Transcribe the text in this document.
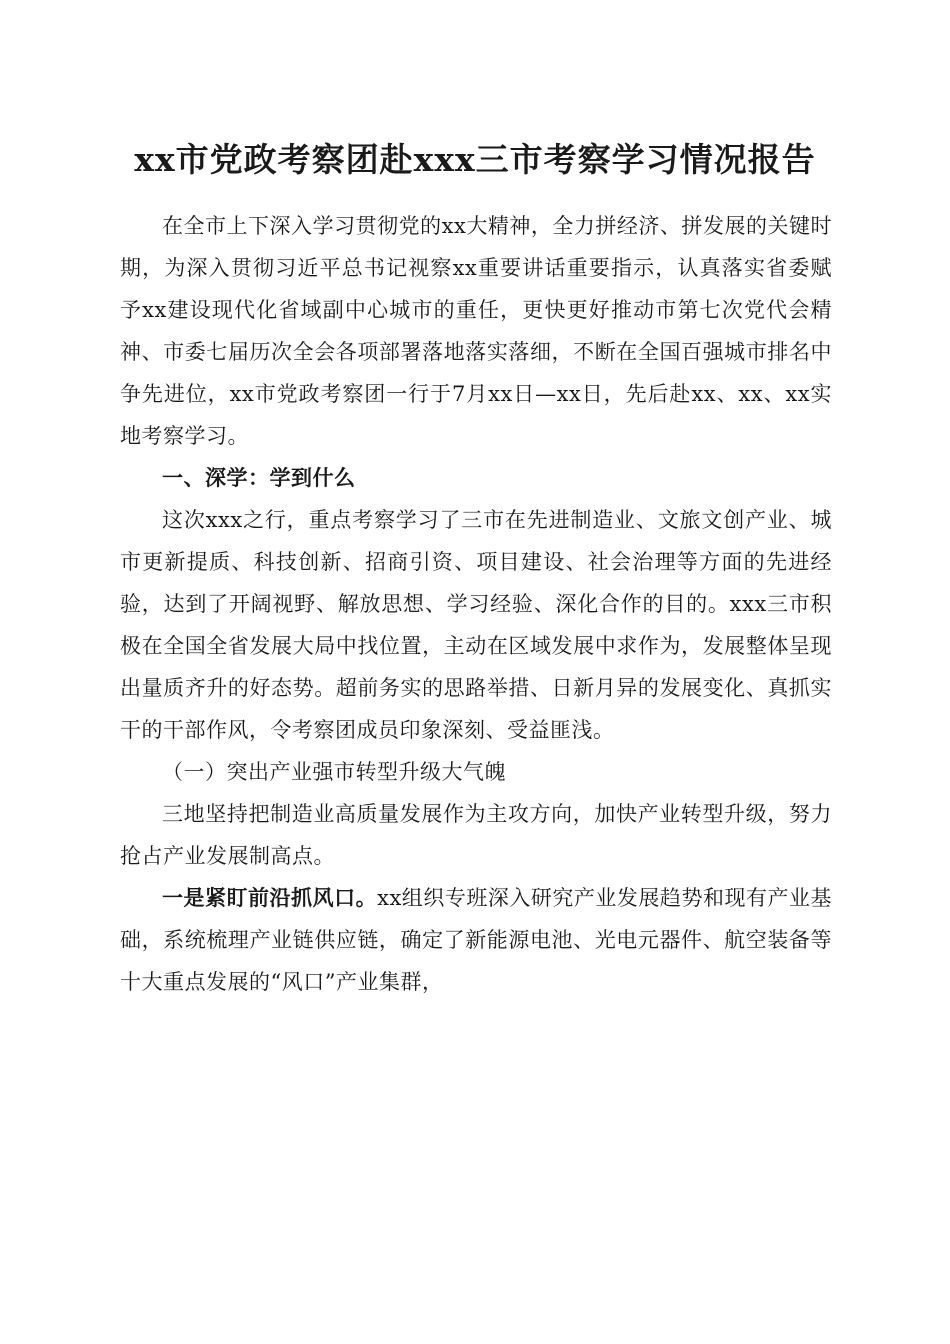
xx市党政考察团赴xxx三市考察学习情况报告

在全市上下深入学习贯彻党的xx大精神，全力拼经济、拼发展的关键时期，为深入贯彻习近平总书记视察xx重要讲话重要指示，认真落实省委赋予xx建设现代化省域副中心城市的重任，更快更好推动市第七次党代会精神、市委七届历次全会各项部署落地落实落细，不断在全国百强城市排名中争先进位，xx市党政考察团一行于7月xx日—xx日，先后赴xx、xx、xx实地考察学习。

一、深学：学到什么

这次xxx之行，重点考察学习了三市在先进制造业、文旅文创产业、城市更新提质、科技创新、招商引资、项目建设、社会治理等方面的先进经验，达到了开阔视野、解放思想、学习经验、深化合作的目的。xxx三市积极在全国全省发展大局中找位置，主动在区域发展中求作为，发展整体呈现出量质齐升的好态势。超前务实的思路举措、日新月异的发展变化、真抓实干的干部作风，令考察团成员印象深刻、受益匪浅。

（一）突出产业强市转型升级大气魄

三地坚持把制造业高质量发展作为主攻方向，加快产业转型升级，努力抢占产业发展制高点。

一是紧盯前沿抓风口。xx组织专班深入研究产业发展趋势和现有产业基础，系统梳理产业链供应链，确定了新能源电池、光电元器件、航空装备等十大重点发展的“风口”产业集群，
